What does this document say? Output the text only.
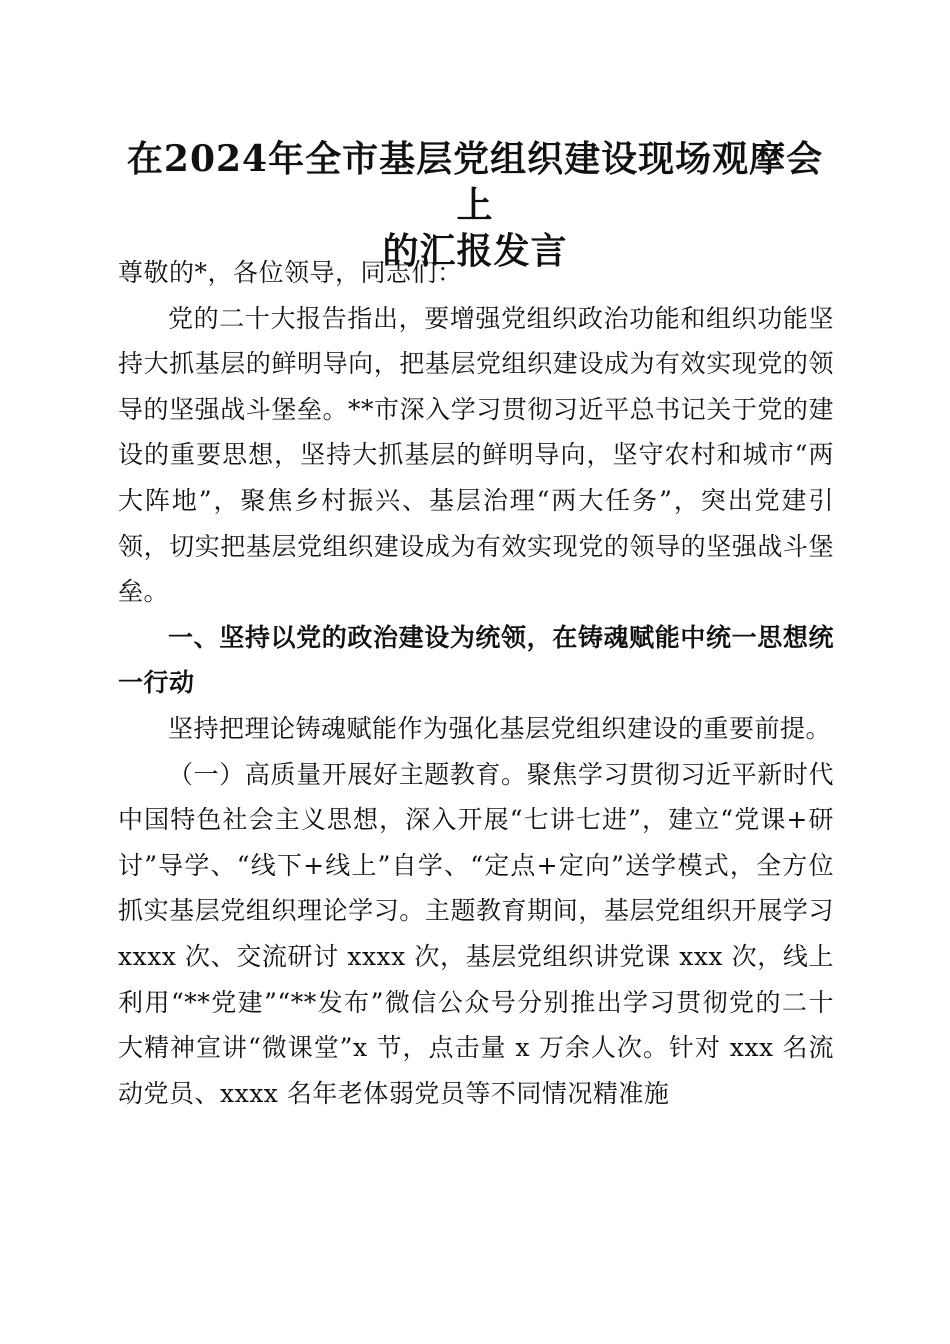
在2024年全市基层党组织建设现场观摩会上
的汇报发言

尊敬的*，各位领导，同志们：

党的二十大报告指出，要增强党组织政治功能和组织功能坚持大抓基层的鲜明导向，把基层党组织建设成为有效实现党的领导的坚强战斗堡垒。**市深入学习贯彻习近平总书记关于党的建设的重要思想，坚持大抓基层的鲜明导向，坚守农村和城市“两大阵地”，聚焦乡村振兴、基层治理“两大任务”，突出党建引领，切实把基层党组织建设成为有效实现党的领导的坚强战斗堡垒。

一、坚持以党的政治建设为统领，在铸魂赋能中统一思想统一行动

坚持把理论铸魂赋能作为强化基层党组织建设的重要前提。

（一）高质量开展好主题教育。聚焦学习贯彻习近平新时代中国特色社会主义思想，深入开展“七讲七进”，建立“党课+研讨”导学、“线下+线上”自学、“定点+定向”送学模式，全方位抓实基层党组织理论学习。主题教育期间，基层党组织开展学习 xxxx 次、交流研讨 xxxx 次，基层党组织讲党课 xxx 次，线上利用“**党建”“**发布”微信公众号分别推出学习贯彻党的二十大精神宣讲“微课堂”x 节，点击量 x 万余人次。针对 xxx 名流动党员、xxxx 名年老体弱党员等不同情况精准施
